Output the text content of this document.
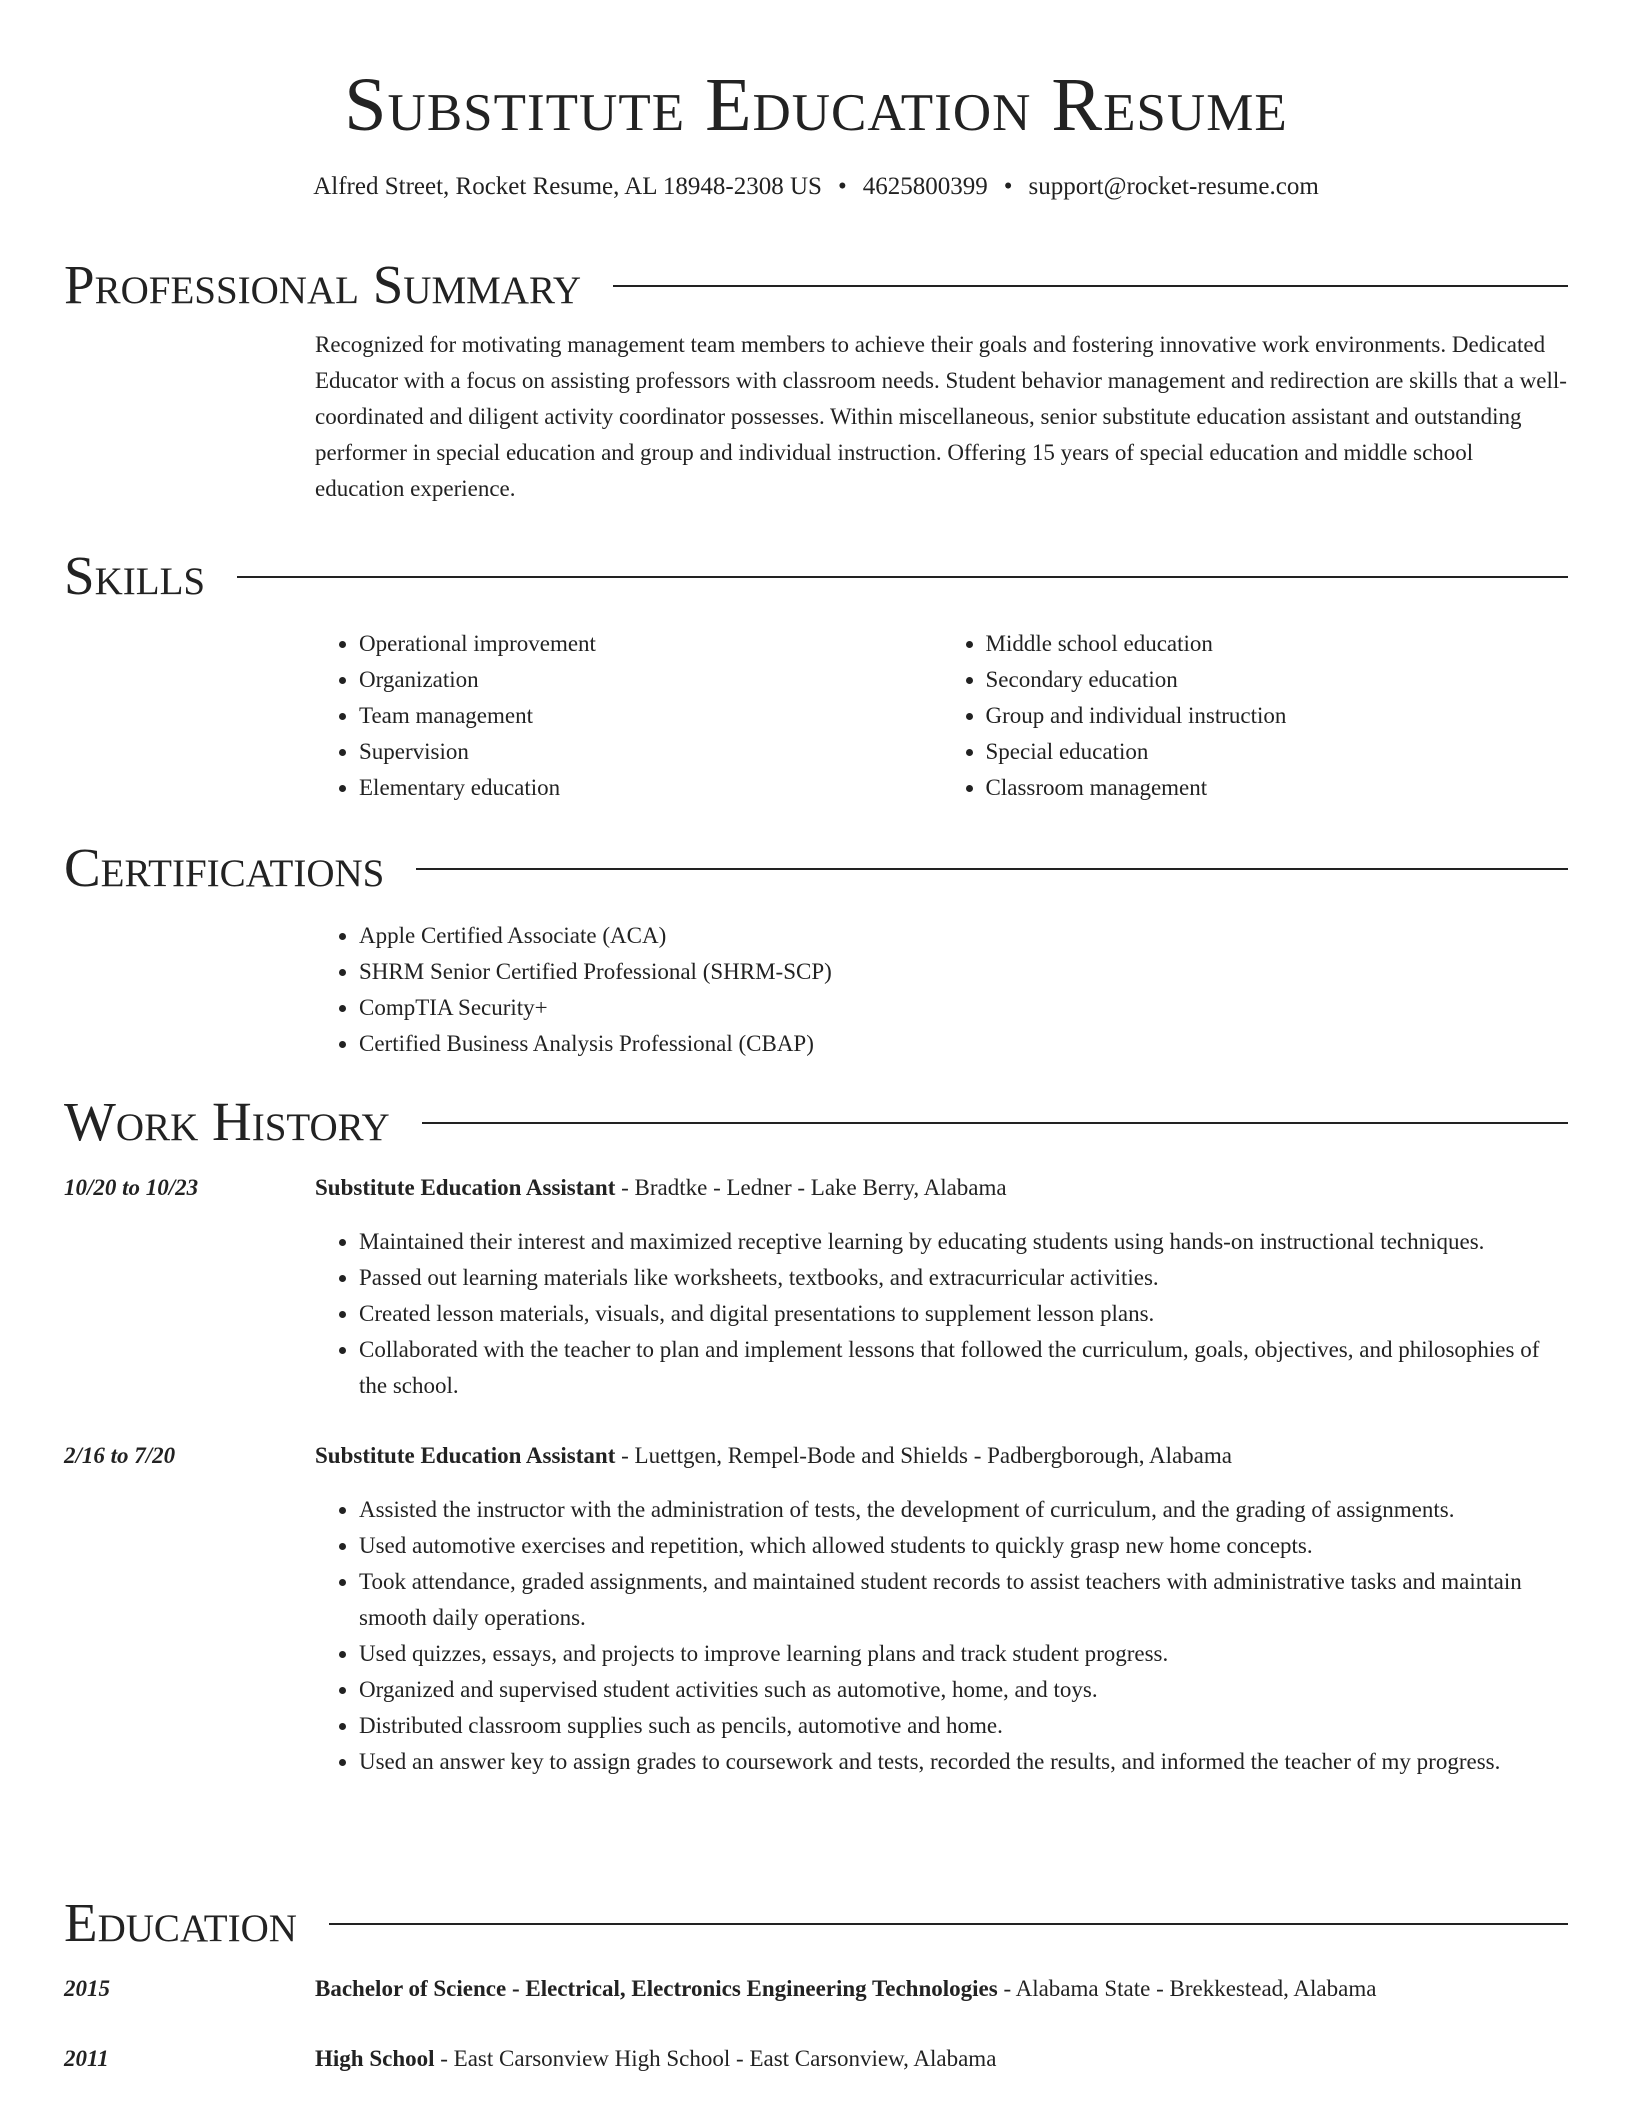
Substitute Education Resume
Alfred Street, Rocket Resume, AL 18948-2308 US • 4625800399 • support@rocket-resume.com
Professional Summary

Recognized for motivating management team members to achieve their goals and fostering innovative work environments. Dedicated Educator with a focus on assisting professors with classroom needs. Student behavior management and redirection are skills that a well-coordinated and diligent activity coordinator possesses. Within miscellaneous, senior substitute education assistant and outstanding performer in special education and group and individual instruction. Offering 15 years of special education and middle school education experience.

Skills
• Operational improvement
• Organization
• Team management
• Supervision
• Elementary education
• Middle school education
• Secondary education
• Group and individual instruction
• Special education
• Classroom management
Certifications
• Apple Certified Associate (ACA)
• SHRM Senior Certified Professional (SHRM-SCP)
• CompTIA Security+
• Certified Business Analysis Professional (CBAP)
Work History
10/20 to 10/23	Substitute Education Assistant - Bradtke - Ledner - Lake Berry, Alabama
• Maintained their interest and maximized receptive learning by educating students using hands-on instructional techniques.
• Passed out learning materials like worksheets, textbooks, and extracurricular activities.
• Created lesson materials, visuals, and digital presentations to supplement lesson plans.
• Collaborated with the teacher to plan and implement lessons that followed the curriculum, goals, objectives, and philosophies of the school.
2/16 to 7/20	Substitute Education Assistant - Luettgen, Rempel-Bode and Shields - Padbergborough, Alabama
• Assisted the instructor with the administration of tests, the development of curriculum, and the grading of assignments.
• Used automotive exercises and repetition, which allowed students to quickly grasp new home concepts.
• Took attendance, graded assignments, and maintained student records to assist teachers with administrative tasks and maintain smooth daily operations.
• Used quizzes, essays, and projects to improve learning plans and track student progress.
• Organized and supervised student activities such as automotive, home, and toys.
• Distributed classroom supplies such as pencils, automotive and home.
• Used an answer key to assign grades to coursework and tests, recorded the results, and informed the teacher of my progress.
Education
2015	Bachelor of Science - Electrical, Electronics Engineering Technologies - Alabama State - Brekkestead, Alabama
2011	High School - East Carsonview High School - East Carsonview, Alabama
